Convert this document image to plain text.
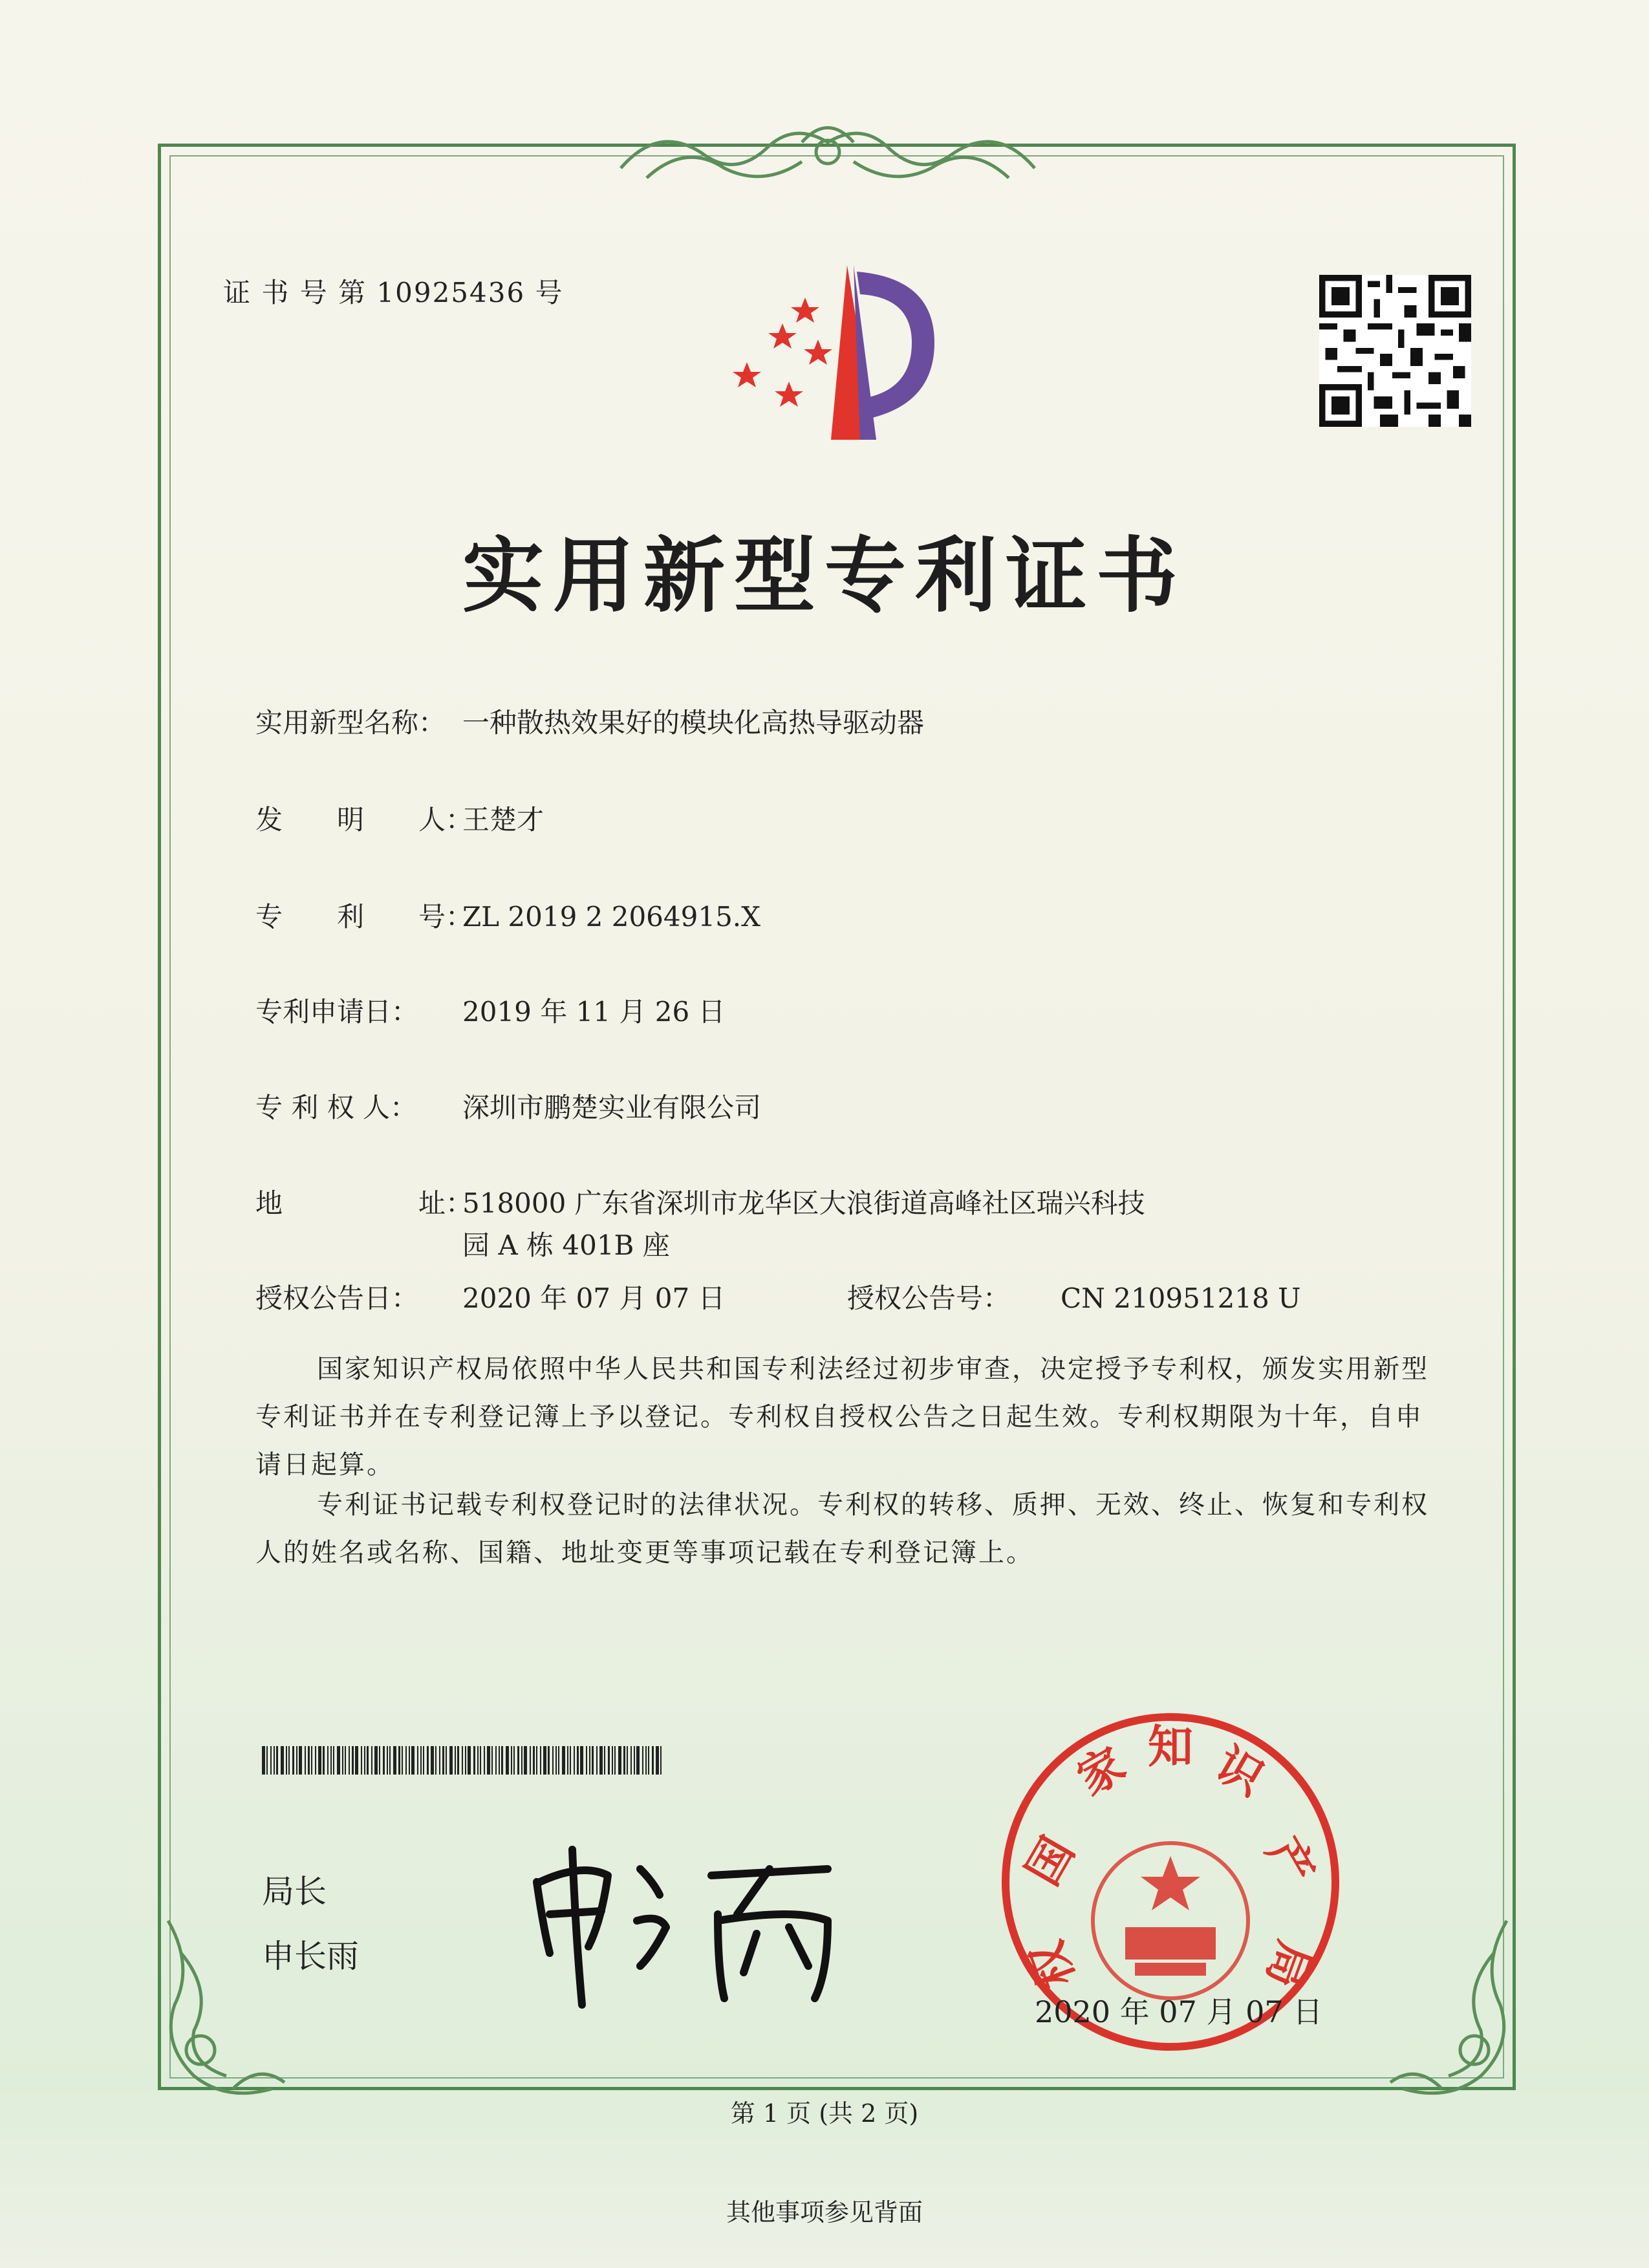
证 书 号 第 10925436 号
实用新型专利证书
实用新型名称： 一种散热效果好的模块化高热导驱动器
发　　明　　人：王楚才
专　　利　　号：ZL 2019 2 2064915.X
专利申请日： 2019 年 11 月 26 日
专 利 权 人： 深圳市鹏楚实业有限公司
地　　　　　址：518000 广东省深圳市龙华区大浪街道高峰社区瑞兴科技
园 A 栋 401B 座
授权公告日： 2020 年 07 月 07 日	授权公告号： CN 210951218 U
国家知识产权局依照中华人民共和国专利法经过初步审查，决定授予专利权，颁发实用新型专利证书并在专利登记簿上予以登记。专利权自授权公告之日起生效。专利权期限为十年，自申请日起算。
专利证书记载专利权登记时的法律状况。专利权的转移、质押、无效、终止、恢复和专利权人的姓名或名称、国籍、地址变更等事项记载在专利登记簿上。
局长
申长雨
国
家 知 识
产
权	局
2020 年 07 月 07 日
第 1 页 (共 2 页)
其他事项参见背面
